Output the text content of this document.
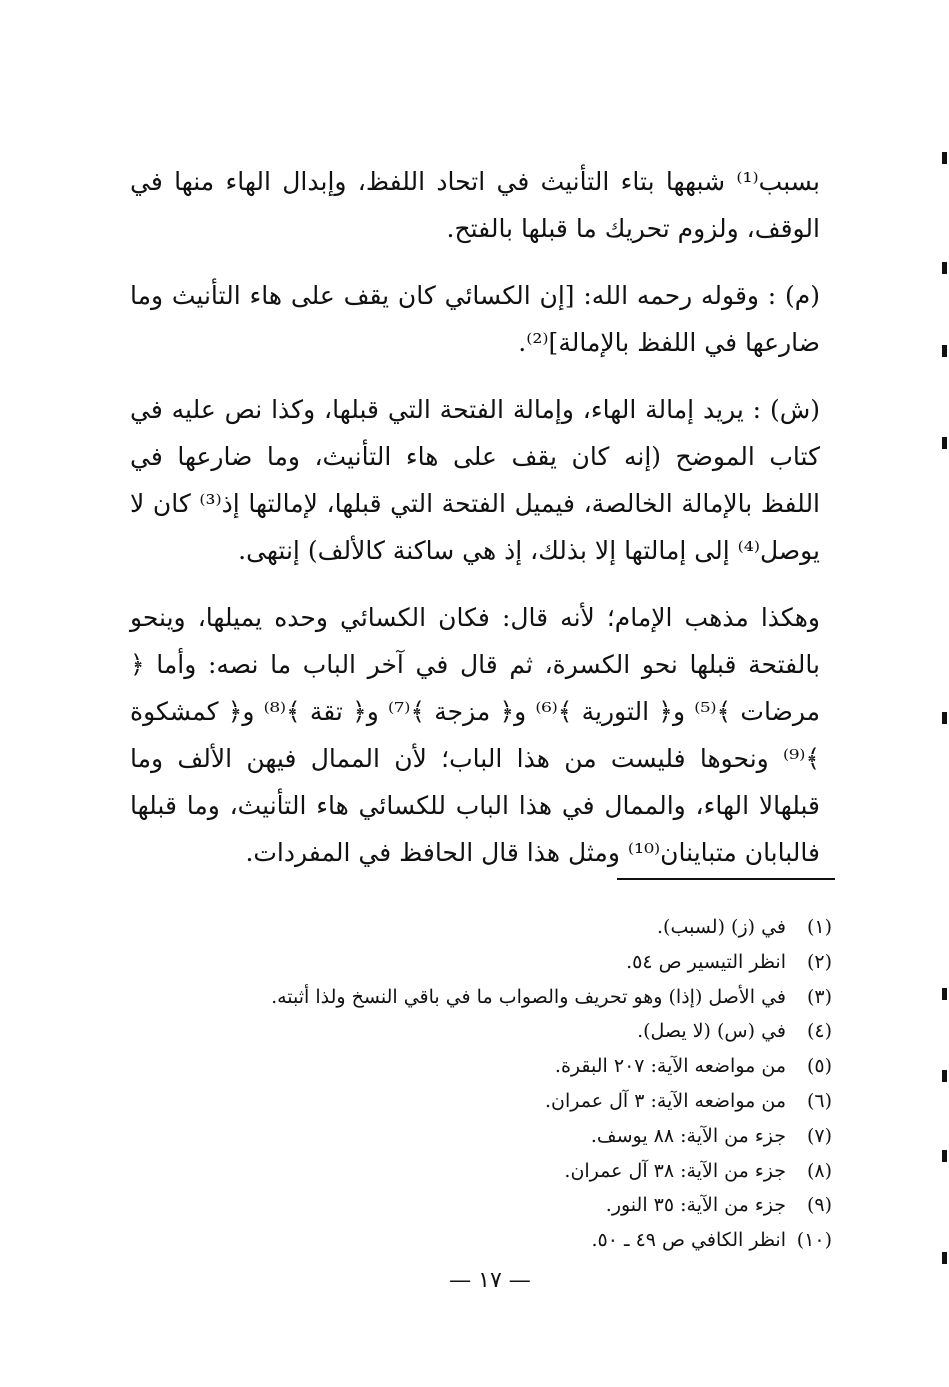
بسبب⁽¹⁾ شبهها بتاء التأنيث في اتحاد اللفظ، وإبدال الهاء منها في الوقف، ولزوم تحريك ما قبلها بالفتح.

(م) : وقوله رحمه الله: [إن الكسائي كان يقف على هاء التأنيث وما ضارعها في اللفظ بالإمالة]⁽²⁾.

(ش) : يريد إمالة الهاء، وإمالة الفتحة التي قبلها، وكذا نص عليه في كتاب الموضح (إنه كان يقف على هاء التأنيث، وما ضارعها في اللفظ بالإمالة الخالصة، فيميل الفتحة التي قبلها، لإمالتها إذ⁽³⁾ كان لا يوصل⁽⁴⁾ إلى إمالتها إلا بذلك، إذ هي ساكنة كالألف) إنتهى.

وهكذا مذهب الإمام؛ لأنه قال: فكان الكسائي وحده يميلها، وينحو بالفتحة قبلها نحو الكسرة، ثم قال في آخر الباب ما نصه: وأما ﴿ مرضات ﴾⁽⁵⁾ و﴿ التورية ﴾⁽⁶⁾ و﴿ مزجة ﴾⁽⁷⁾ و﴿ تقة ﴾⁽⁸⁾ و﴿ كمشكوة ﴾⁽⁹⁾ ونحوها فليست من هذا الباب؛ لأن الممال فيهن الألف وما قبلهالا الهاء، والممال في هذا الباب للكسائي هاء التأنيث، وما قبلها فالبابان متباينان⁽¹⁰⁾ ومثل هذا قال الحافظ في المفردات.

(١)
في (ز) (لسبب).
(٢)
انظر التيسير ص ٥٤.
(٣)
في الأصل (إذا) وهو تحريف والصواب ما في باقي النسخ ولذا أثبته.
(٤)
في (س) (لا يصل).
(٥)
من مواضعه الآية: ٢٠٧ البقرة.
(٦)
من مواضعه الآية: ٣ آل عمران.
(٧)
جزء من الآية: ٨٨ يوسف.
(٨)
جزء من الآية: ٣٨ آل عمران.
(٩)
جزء من الآية: ٣٥ النور.
(١٠)
انظر الكافي ص ٤٩ ـ ٥٠.
— ١٧ —
